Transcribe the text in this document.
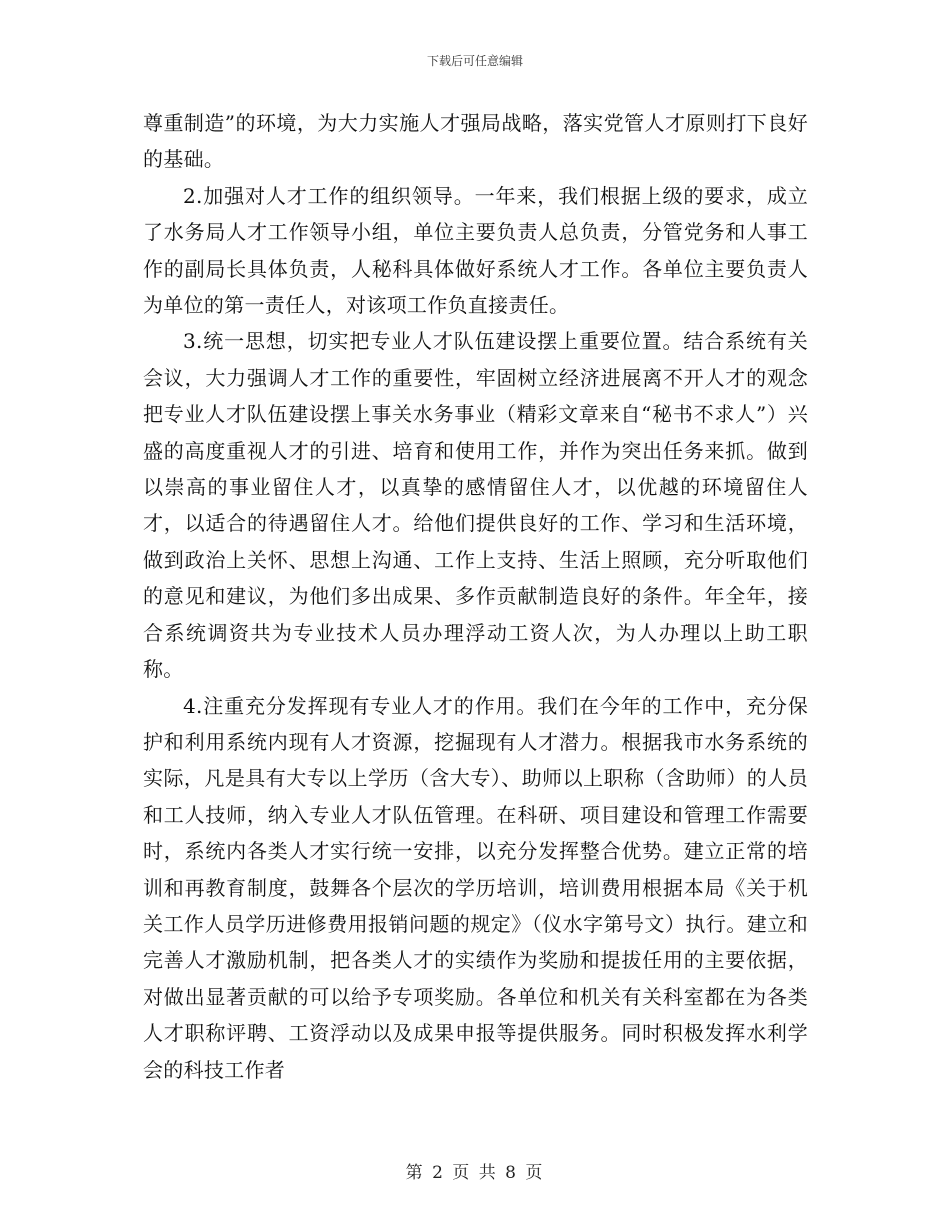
下载后可任意编辑

尊重制造”的环境，为大力实施人才强局战略，落实党管人才原则打下良好的基础。

2.加强对人才工作的组织领导。一年来，我们根据上级的要求，成立了水务局人才工作领导小组，单位主要负责人总负责，分管党务和人事工作的副局长具体负责，人秘科具体做好系统人才工作。各单位主要负责人为单位的第一责任人，对该项工作负直接责任。

3.统一思想，切实把专业人才队伍建设摆上重要位置。结合系统有关会议，大力强调人才工作的重要性，牢固树立经济进展离不开人才的观念把专业人才队伍建设摆上事关水务事业（精彩文章来自“秘书不求人”）兴盛的高度重视人才的引进、培育和使用工作，并作为突出任务来抓。做到以崇高的事业留住人才，以真挚的感情留住人才，以优越的环境留住人才，以适合的待遇留住人才。给他们提供良好的工作、学习和生活环境，做到政治上关怀、思想上沟通、工作上支持、生活上照顾，充分听取他们的意见和建议，为他们多出成果、多作贡献制造良好的条件。年全年，接合系统调资共为专业技术人员办理浮动工资人次，为人办理以上助工职称。

4.注重充分发挥现有专业人才的作用。我们在今年的工作中，充分保护和利用系统内现有人才资源，挖掘现有人才潜力。根据我市水务系统的实际，凡是具有大专以上学历（含大专）、助师以上职称（含助师）的人员和工人技师，纳入专业人才队伍管理。在科研、项目建设和管理工作需要时，系统内各类人才实行统一安排，以充分发挥整合优势。建立正常的培训和再教育制度，鼓舞各个层次的学历培训，培训费用根据本局《关于机关工作人员学历进修费用报销问题的规定》（仪水字第号文）执行。建立和完善人才激励机制，把各类人才的实绩作为奖励和提拔任用的主要依据，对做出显著贡献的可以给予专项奖励。各单位和机关有关科室都在为各类人才职称评聘、工资浮动以及成果申报等提供服务。同时积极发挥水利学会的科技工作者

第 2 页 共 8 页
